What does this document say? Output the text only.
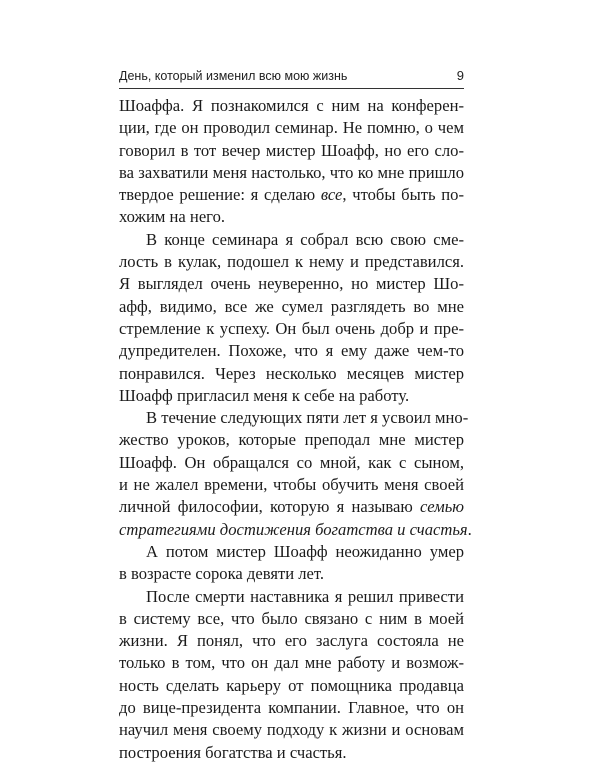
День, который изменил всю мою жизнь	9

Шоаффа. Я познакомился с ним на конферен-
ции, где он проводил семинар. Не помню, о чем
говорил в тот вечер мистер Шоафф, но его сло-
ва захватили меня настолько, что ко мне пришло
твердое решение: я сделаю все, чтобы быть по-
хожим на него.

В конце семинара я собрал всю свою сме-
лость в кулак, подошел к нему и представился.
Я выглядел очень неуверенно, но мистер Шо-
афф, видимо, все же сумел разглядеть во мне
стремление к успеху. Он был очень добр и пре-
дупредителен. Похоже, что я ему даже чем-то
понравился. Через несколько месяцев мистер
Шоафф пригласил меня к себе на работу.

В течение следующих пяти лет я усвоил мно-
жество уроков, которые преподал мне мистер
Шоафф. Он обращался со мной, как с сыном,
и не жалел времени, чтобы обучить меня своей
личной философии, которую я называю семью
стратегиями достижения богатства и счастья.

А потом мистер Шоафф неожиданно умер
в возрасте сорока девяти лет.

После смерти наставника я решил привести
в систему все, что было связано с ним в моей
жизни. Я понял, что его заслуга состояла не
только в том, что он дал мне работу и возмож-
ность сделать карьеру от помощника продавца
до вице-президента компании. Главное, что он
научил меня своему подходу к жизни и основам
построения богатства и счастья.
